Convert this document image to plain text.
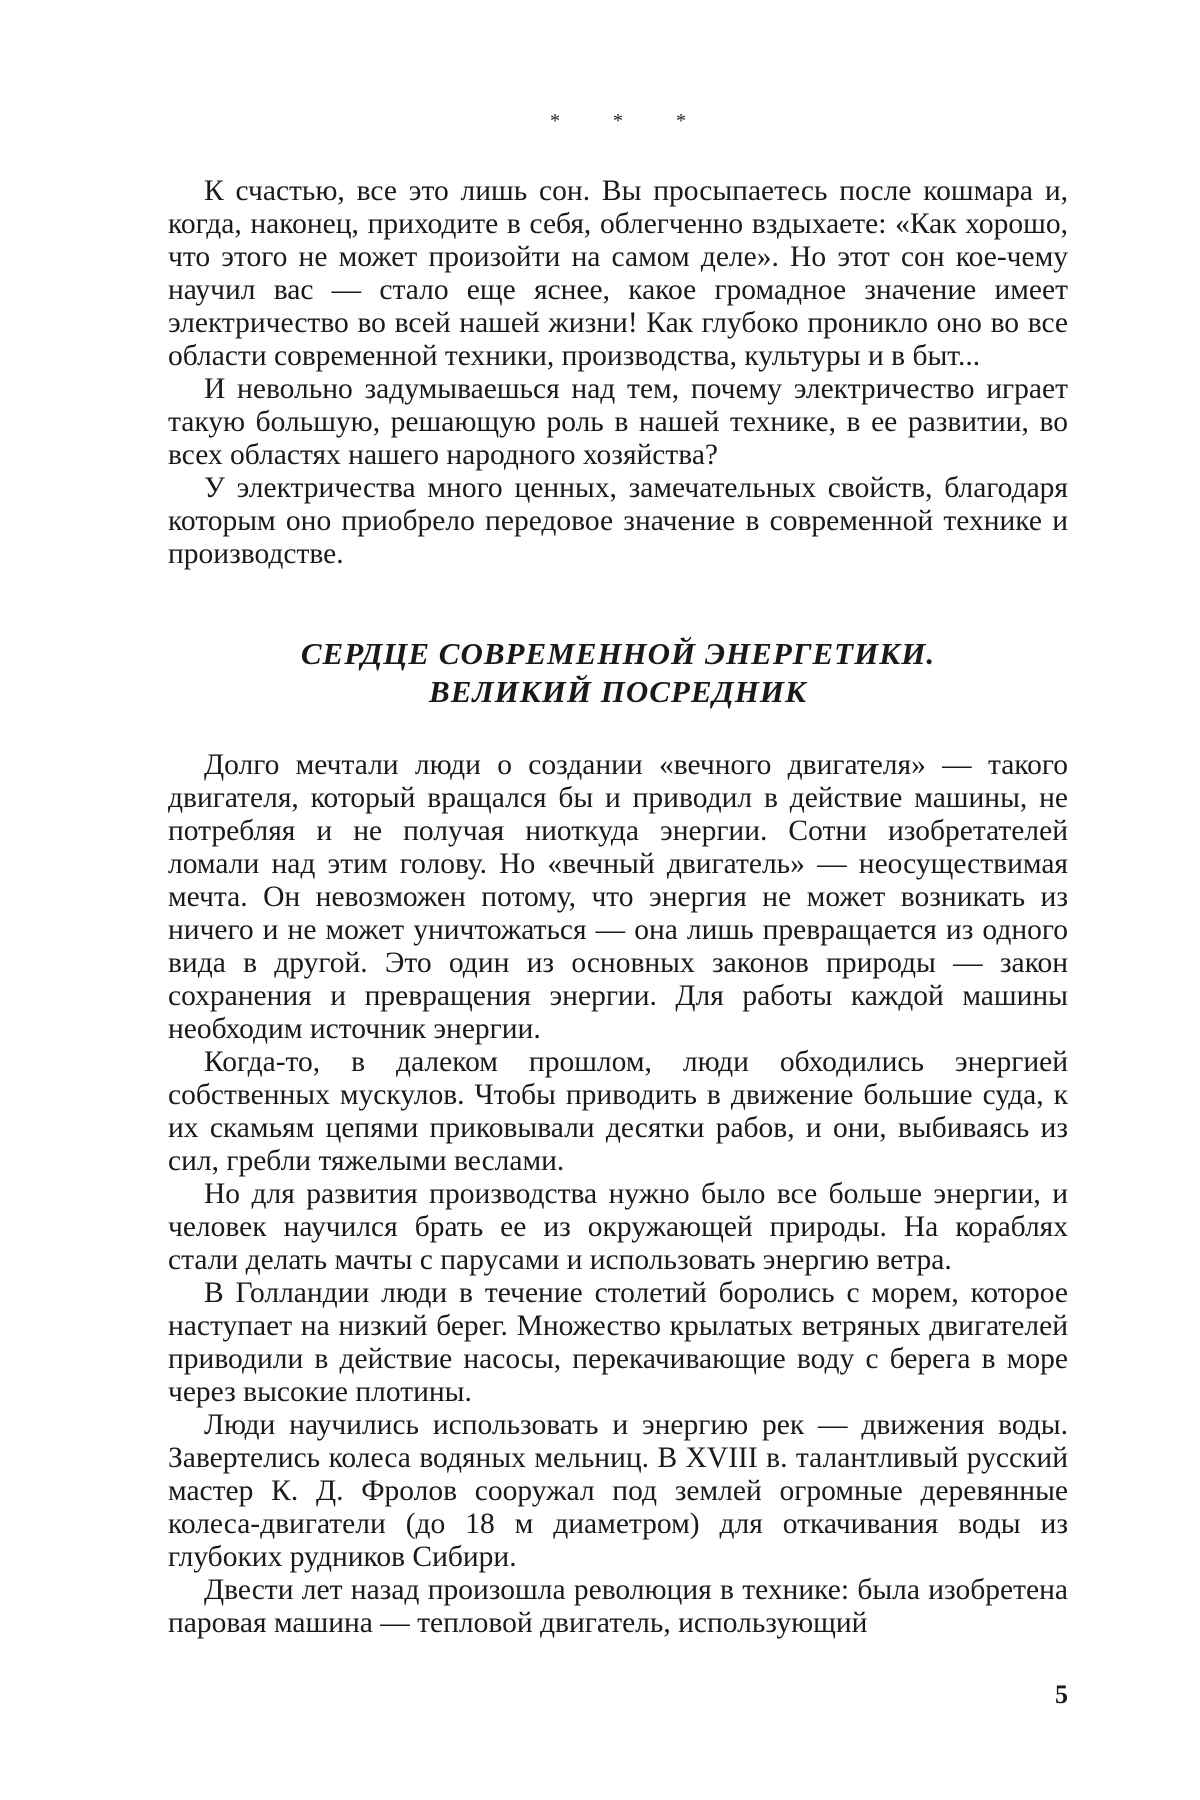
* * *

К счастью, все это лишь сон. Вы просыпаетесь после кошмара и, когда, наконец, приходите в себя, облегченно вздыхаете: «Как хорошо, что этого не может произойти на самом деле». Но этот сон кое-чему научил вас — стало еще яснее, какое громадное значение имеет электричество во всей нашей жизни! Как глубоко проникло оно во все области современной техники, производства, культуры и в быт...

И невольно задумываешься над тем, почему электричество играет такую большую, решающую роль в нашей технике, в ее развитии, во всех областях нашего народного хозяйства?

У электричества много ценных, замечательных свойств, благодаря которым оно приобрело передовое значение в современной технике и производстве.

СЕРДЦЕ СОВРЕМЕННОЙ ЭНЕРГЕТИКИ.
ВЕЛИКИЙ ПОСРЕДНИК

Долго мечтали люди о создании «вечного двигателя» — такого двигателя, который вращался бы и приводил в действие машины, не потребляя и не получая ниоткуда энергии. Сотни изобретателей ломали над этим голову. Но «вечный двигатель» — неосуществимая мечта. Он невозможен потому, что энергия не может возникать из ничего и не может уничтожаться — она лишь превращается из одного вида в другой. Это один из основных законов природы — закон сохранения и превращения энергии. Для работы каждой машины необходим источник энергии.

Когда-то, в далеком прошлом, люди обходились энергией собственных мускулов. Чтобы приводить в движение большие суда, к их скамьям цепями приковывали десятки рабов, и они, выбиваясь из сил, гребли тяжелыми веслами.

Но для развития производства нужно было все больше энергии, и человек научился брать ее из окружающей природы. На кораблях стали делать мачты с парусами и использовать энергию ветра.

В Голландии люди в течение столетий боролись с морем, которое наступает на низкий берег. Множество крылатых ветряных двигателей приводили в действие насосы, перекачивающие воду с берега в море через высокие плотины.

Люди научились использовать и энергию рек — движения воды. Завертелись колеса водяных мельниц. В XVIII в. талантливый русский мастер К. Д. Фролов сооружал под землей огромные деревянные колеса-двигатели (до 18 м диаметром) для откачивания воды из глубоких рудников Сибири.

Двести лет назад произошла революция в технике: была изобретена паровая машина — тепловой двигатель, использующий

5
